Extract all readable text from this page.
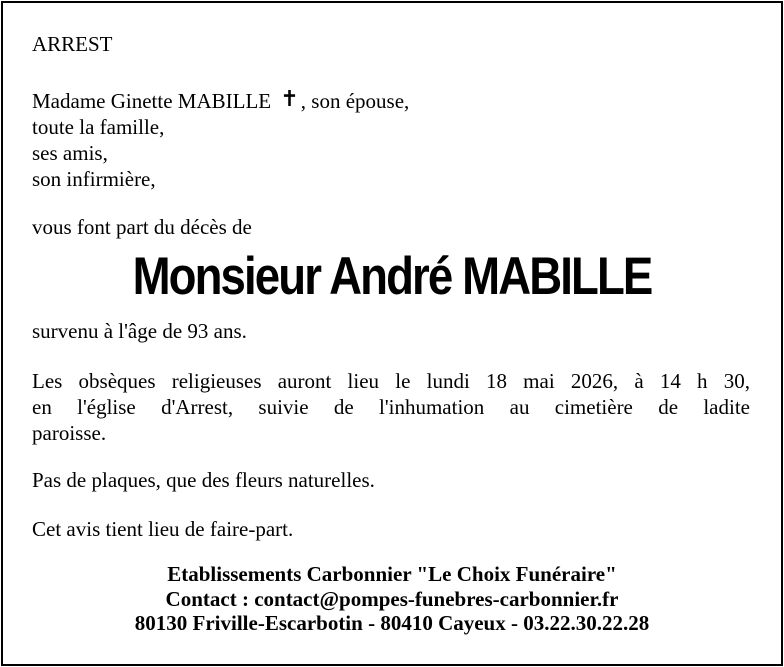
ARREST
Madame Ginette MABILLE ✝, son épouse,
toute la famille,
ses amis,
son infirmière,
vous font part du décès de
Monsieur André MABILLE
survenu à l'âge de 93 ans.
Les obsèques religieuses auront lieu le lundi 18 mai 2026, à 14 h 30,
en l'église d'Arrest, suivie de l'inhumation au cimetière de ladite
paroisse.
Pas de plaques, que des fleurs naturelles.
Cet avis tient lieu de faire-part.
Etablissements Carbonnier "Le Choix Funéraire"
Contact : contact@pompes-funebres-carbonnier.fr
80130 Friville-Escarbotin - 80410 Cayeux - 03.22.30.22.28
